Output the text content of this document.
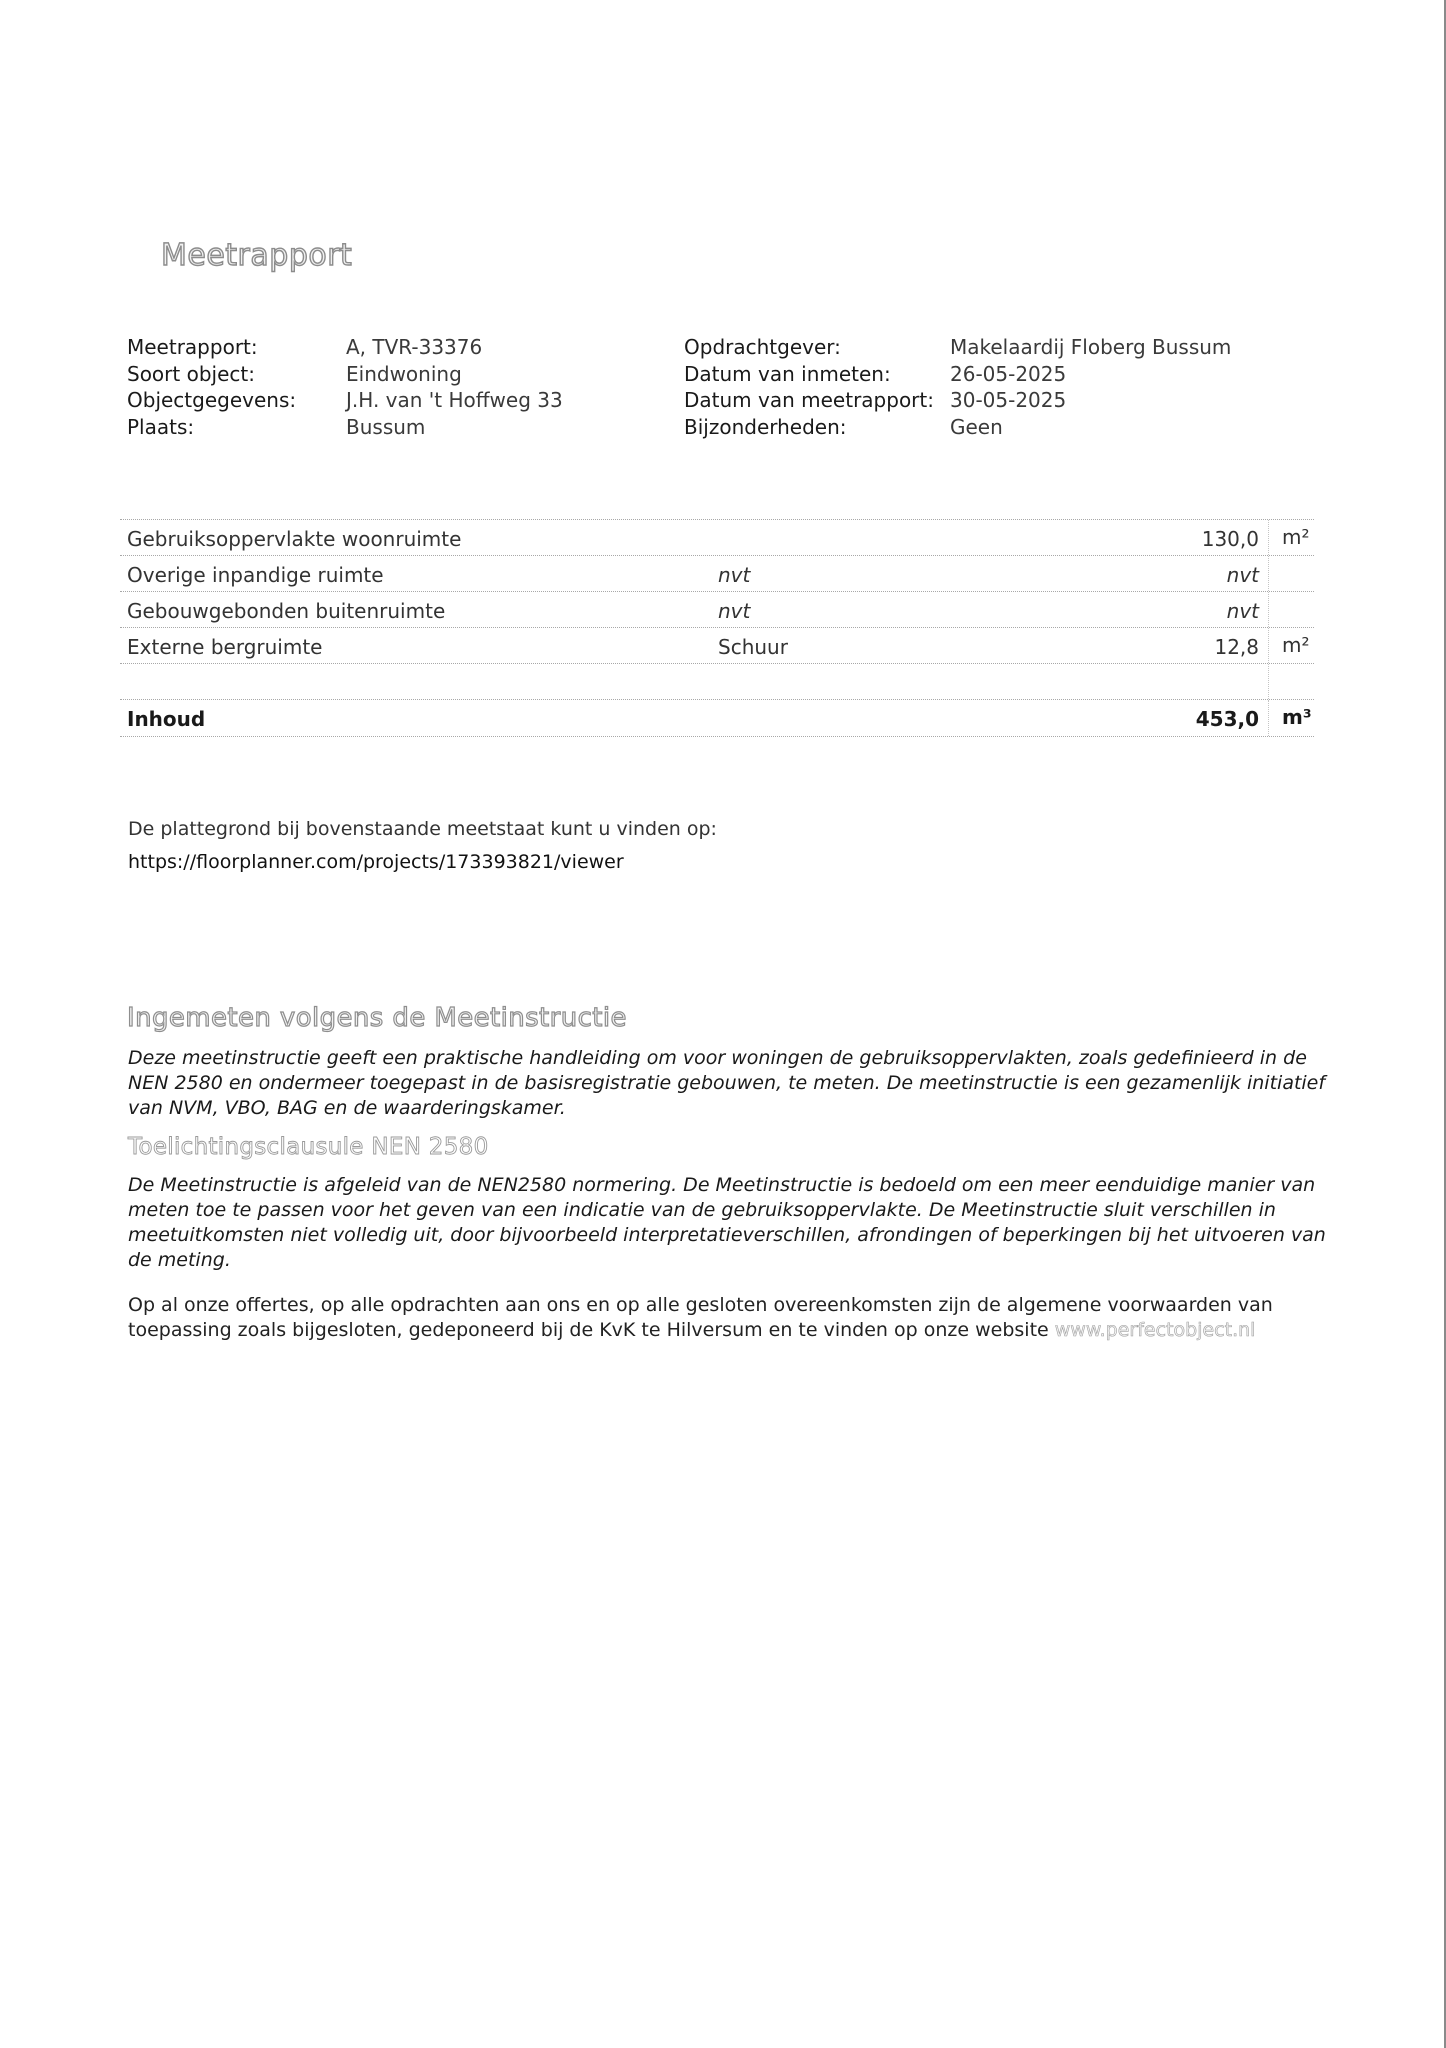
Meetrapport
Meetrapport:	A, TVR-33376
Soort object:	Eindwoning
Objectgegevens:	J.H. van 't Hoffweg 33
Plaats:	Bussum
Opdrachtgever:	Makelaardij Floberg Bussum
Datum van inmeten:	26-05-2025
Datum van meetrapport: 30-05-2025
Bijzonderheden:	Geen
Gebruiksoppervlakte woonruimte	130,0	m²
Overige inpandige ruimte	nvt	nvt
Gebouwgebonden buitenruimte	nvt	nvt
Externe bergruimte	Schuur	12,8	m²
Inhoud	453,0	m³
De plattegrond bij bovenstaande meetstaat kunt u vinden op:
https://floorplanner.com/projects/173393821/viewer
Ingemeten volgens de Meetinstructie

Deze meetinstructie geeft een praktische handleiding om voor woningen de gebruiksoppervlakten, zoals gedefinieerd in de NEN 2580 en ondermeer toegepast in de basisregistratie gebouwen, te meten. De meetinstructie is een gezamenlijk initiatief van NVM, VBO, BAG en de waarderingskamer.

Toelichtingsclausule NEN 2580

De Meetinstructie is afgeleid van de NEN2580 normering. De Meetinstructie is bedoeld om een meer eenduidige manier van meten toe te passen voor het geven van een indicatie van de gebruiksoppervlakte. De Meetinstructie sluit verschillen in meetuitkomsten niet volledig uit, door bijvoorbeeld interpretatieverschillen, afrondingen of beperkingen bij het uitvoeren van de meting.

Op al onze offertes, op alle opdrachten aan ons en op alle gesloten overeenkomsten zijn de algemene voorwaarden van toepassing zoals bijgesloten, gedeponeerd bij de KvK te Hilversum en te vinden op onze website www.perfectobject.nl
